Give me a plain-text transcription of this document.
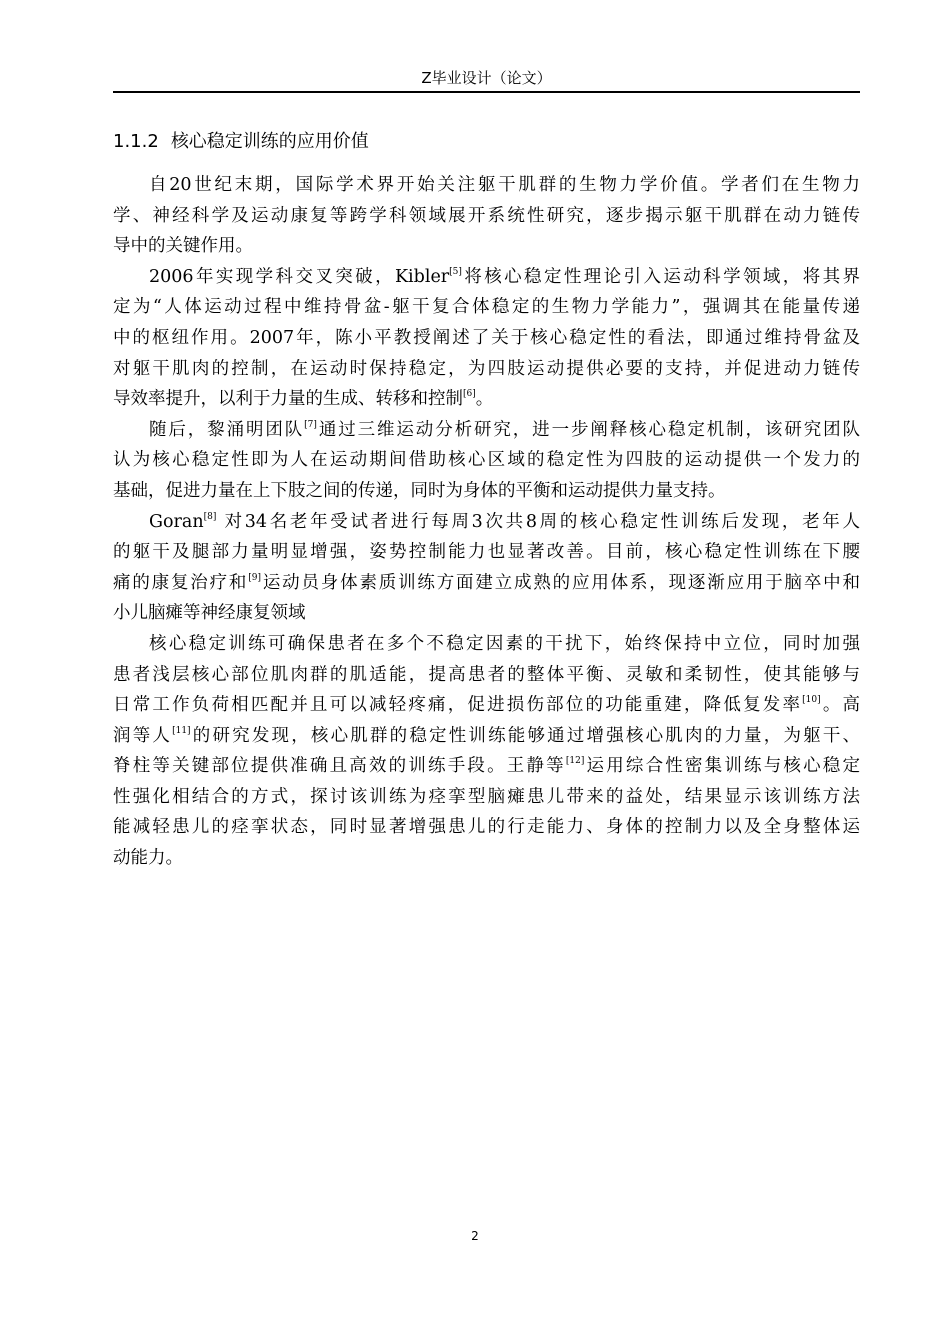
Z毕业设计（论文）
1.1.2 核心稳定训练的应用价值
自20世纪末期，国际学术界开始关注躯干肌群的生物力学价值。学者们在生物力
学、神经科学及运动康复等跨学科领域展开系统性研究，逐步揭示躯干肌群在动力链传
导中的关键作用。
2006年实现学科交叉突破，Kibler[5]将核心稳定性理论引入运动科学领域，将其界
定为“人体运动过程中维持骨盆-躯干复合体稳定的生物力学能力”，强调其在能量传递
中的枢纽作用。2007年，陈小平教授阐述了关于核心稳定性的看法，即通过维持骨盆及
对躯干肌肉的控制，在运动时保持稳定，为四肢运动提供必要的支持，并促进动力链传
导效率提升，以利于力量的生成、转移和控制[6]。
随后，黎涌明团队[7]通过三维运动分析研究，进一步阐释核心稳定机制，该研究团队
认为核心稳定性即为人在运动期间借助核心区域的稳定性为四肢的运动提供一个发力的
基础，促进力量在上下肢之间的传递，同时为身体的平衡和运动提供力量支持。
Goran[8] 对34名老年受试者进行每周3次共8周的核心稳定性训练后发现，老年人
的躯干及腿部力量明显增强，姿势控制能力也显著改善。目前，核心稳定性训练在下腰
痛的康复治疗和[9]运动员身体素质训练方面建立成熟的应用体系，现逐渐应用于脑卒中和
小儿脑瘫等神经康复领域
核心稳定训练可确保患者在多个不稳定因素的干扰下，始终保持中立位，同时加强
患者浅层核心部位肌肉群的肌适能，提高患者的整体平衡、灵敏和柔韧性，使其能够与
日常工作负荷相匹配并且可以减轻疼痛，促进损伤部位的功能重建，降低复发率[10]。高
润等人[11]的研究发现，核心肌群的稳定性训练能够通过增强核心肌肉的力量，为躯干、
脊柱等关键部位提供准确且高效的训练手段。王静等[12]运用综合性密集训练与核心稳定
性强化相结合的方式，探讨该训练为痉挛型脑瘫患儿带来的益处，结果显示该训练方法
能减轻患儿的痉挛状态，同时显著增强患儿的行走能力、身体的控制力以及全身整体运
动能力。
2
